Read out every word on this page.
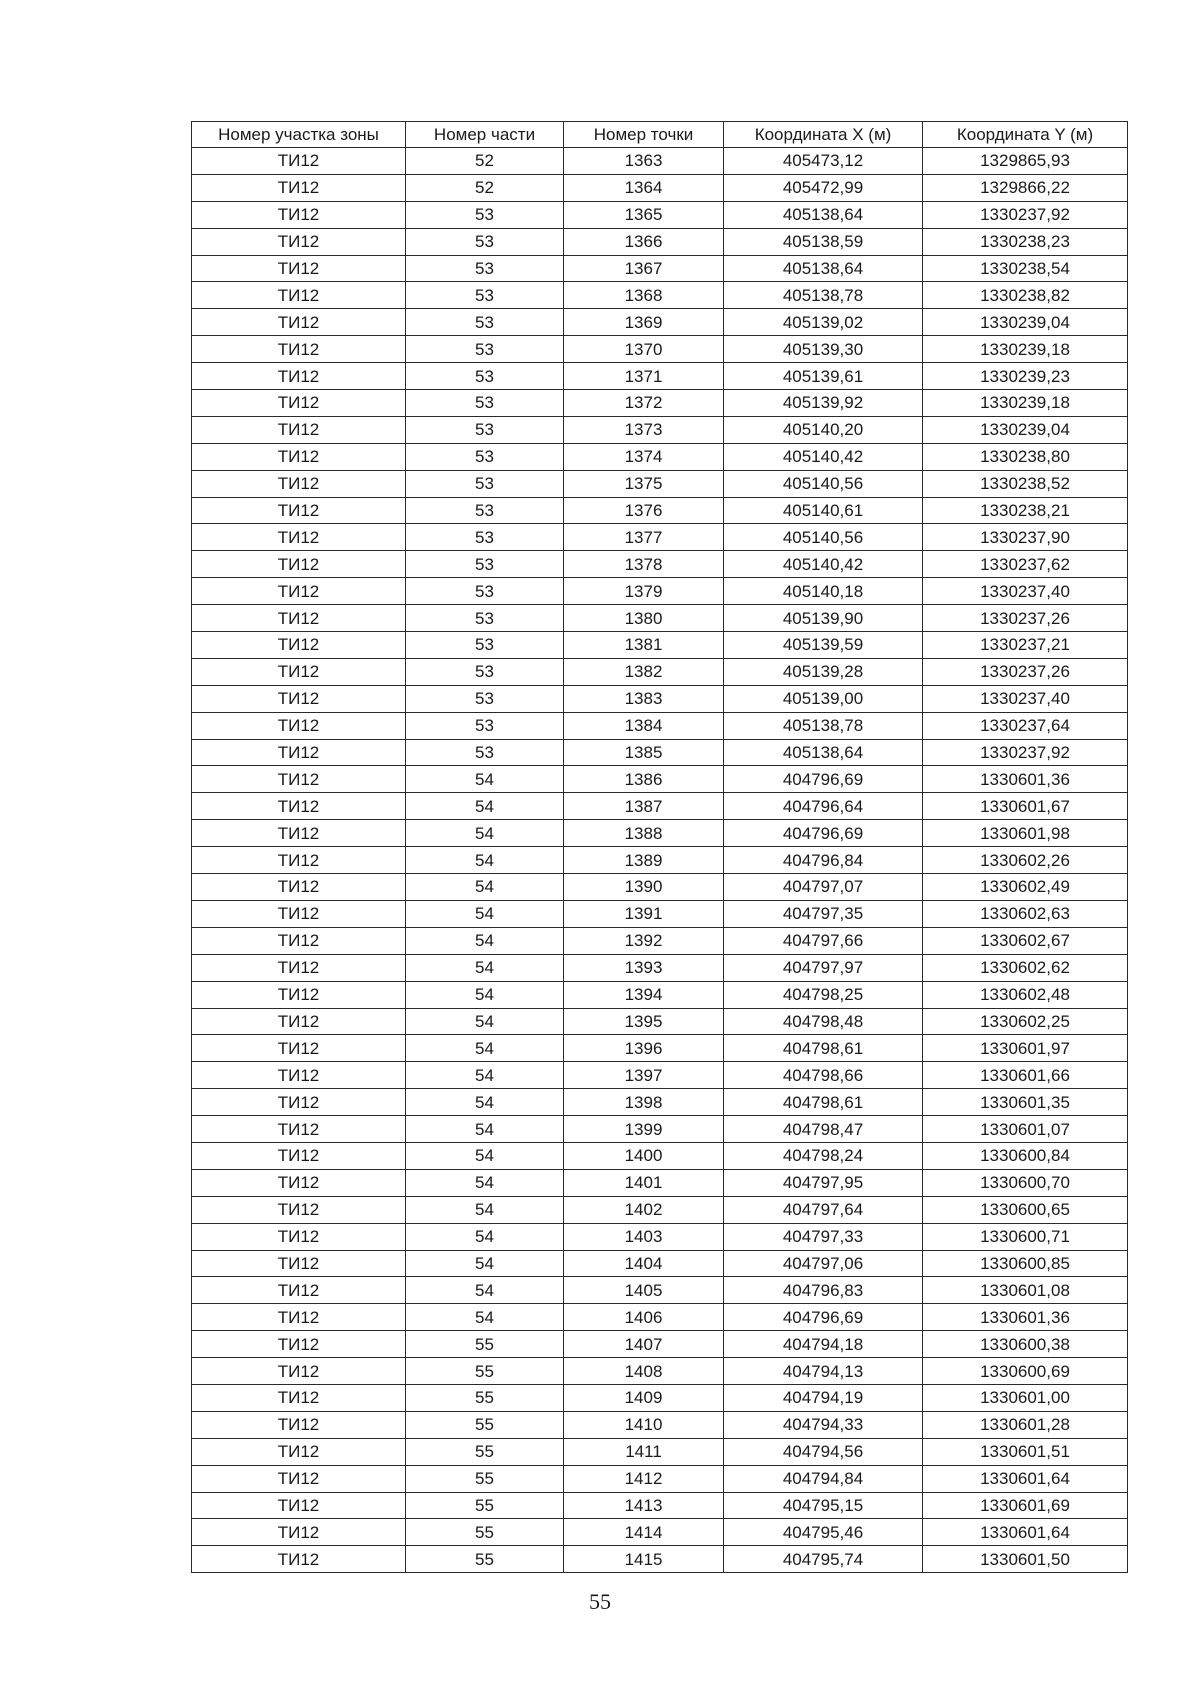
Номер участка зоны	Номер части	Номер точки	Координата X (м)	Координата Y (м)
ТИ12	52	1363	405473,12	1329865,93
ТИ12	52	1364	405472,99	1329866,22
ТИ12	53	1365	405138,64	1330237,92
ТИ12	53	1366	405138,59	1330238,23
ТИ12	53	1367	405138,64	1330238,54
ТИ12	53	1368	405138,78	1330238,82
ТИ12	53	1369	405139,02	1330239,04
ТИ12	53	1370	405139,30	1330239,18
ТИ12	53	1371	405139,61	1330239,23
ТИ12	53	1372	405139,92	1330239,18
ТИ12	53	1373	405140,20	1330239,04
ТИ12	53	1374	405140,42	1330238,80
ТИ12	53	1375	405140,56	1330238,52
ТИ12	53	1376	405140,61	1330238,21
ТИ12	53	1377	405140,56	1330237,90
ТИ12	53	1378	405140,42	1330237,62
ТИ12	53	1379	405140,18	1330237,40
ТИ12	53	1380	405139,90	1330237,26
ТИ12	53	1381	405139,59	1330237,21
ТИ12	53	1382	405139,28	1330237,26
ТИ12	53	1383	405139,00	1330237,40
ТИ12	53	1384	405138,78	1330237,64
ТИ12	53	1385	405138,64	1330237,92
ТИ12	54	1386	404796,69	1330601,36
ТИ12	54	1387	404796,64	1330601,67
ТИ12	54	1388	404796,69	1330601,98
ТИ12	54	1389	404796,84	1330602,26
ТИ12	54	1390	404797,07	1330602,49
ТИ12	54	1391	404797,35	1330602,63
ТИ12	54	1392	404797,66	1330602,67
ТИ12	54	1393	404797,97	1330602,62
ТИ12	54	1394	404798,25	1330602,48
ТИ12	54	1395	404798,48	1330602,25
ТИ12	54	1396	404798,61	1330601,97
ТИ12	54	1397	404798,66	1330601,66
ТИ12	54	1398	404798,61	1330601,35
ТИ12	54	1399	404798,47	1330601,07
ТИ12	54	1400	404798,24	1330600,84
ТИ12	54	1401	404797,95	1330600,70
ТИ12	54	1402	404797,64	1330600,65
ТИ12	54	1403	404797,33	1330600,71
ТИ12	54	1404	404797,06	1330600,85
ТИ12	54	1405	404796,83	1330601,08
ТИ12	54	1406	404796,69	1330601,36
ТИ12	55	1407	404794,18	1330600,38
ТИ12	55	1408	404794,13	1330600,69
ТИ12	55	1409	404794,19	1330601,00
ТИ12	55	1410	404794,33	1330601,28
ТИ12	55	1411	404794,56	1330601,51
ТИ12	55	1412	404794,84	1330601,64
ТИ12	55	1413	404795,15	1330601,69
ТИ12	55	1414	404795,46	1330601,64
ТИ12	55	1415	404795,74	1330601,50
55
